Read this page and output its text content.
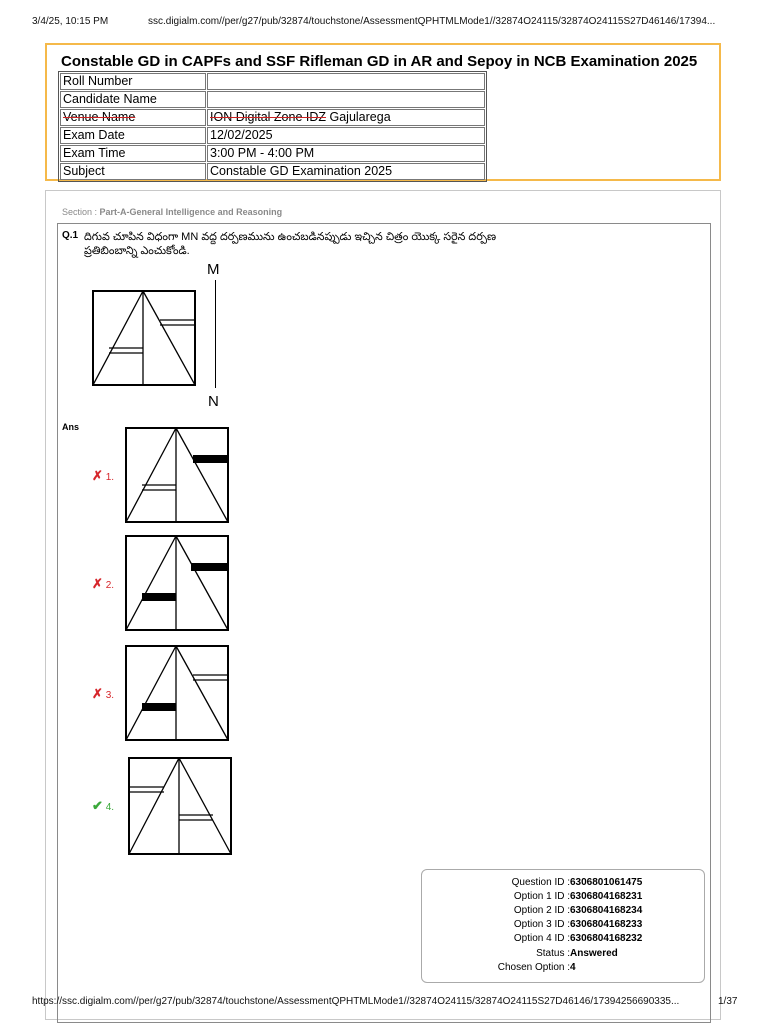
3/4/25, 10:15 PM	ssc.digialm.com//per/g27/pub/32874/touchstone/AssessmentQPHTMLMode1//32874O24115/32874O24115S27D46146/17394...
Constable GD in CAPFs and SSF Rifleman GD in AR and Sepoy in NCB Examination 2025
Roll Number	
Candidate Name	
Venue Name	ION Digital Zone IDZ Gajularega
Exam Date	12/02/2025
Exam Time	3:00 PM - 4:00 PM
Subject	Constable GD Examination 2025
Section : Part-A-General Intelligence and Reasoning
Q.1 దిగువ చూపిన విధంగా MN వద్ద దర్పణమును ఉంచబడినప్పుడు ఇచ్చిన చిత్రం యొక్క సరైన దర్పణ ప్రతిబింబాన్ని ఎంచుకోండి.
M
N
Ans
✗ 1.
✗ 2.
✗ 3.
✔ 4.
Question ID : 6306801061475
Option 1 ID : 6306804168231
Option 2 ID : 6306804168234
Option 3 ID : 6306804168233
Option 4 ID : 6306804168232
Status : Answered
Chosen Option : 4
https://ssc.digialm.com//per/g27/pub/32874/touchstone/AssessmentQPHTMLMode1//32874O24115/32874O24115S27D46146/17394256690335...	1/37
